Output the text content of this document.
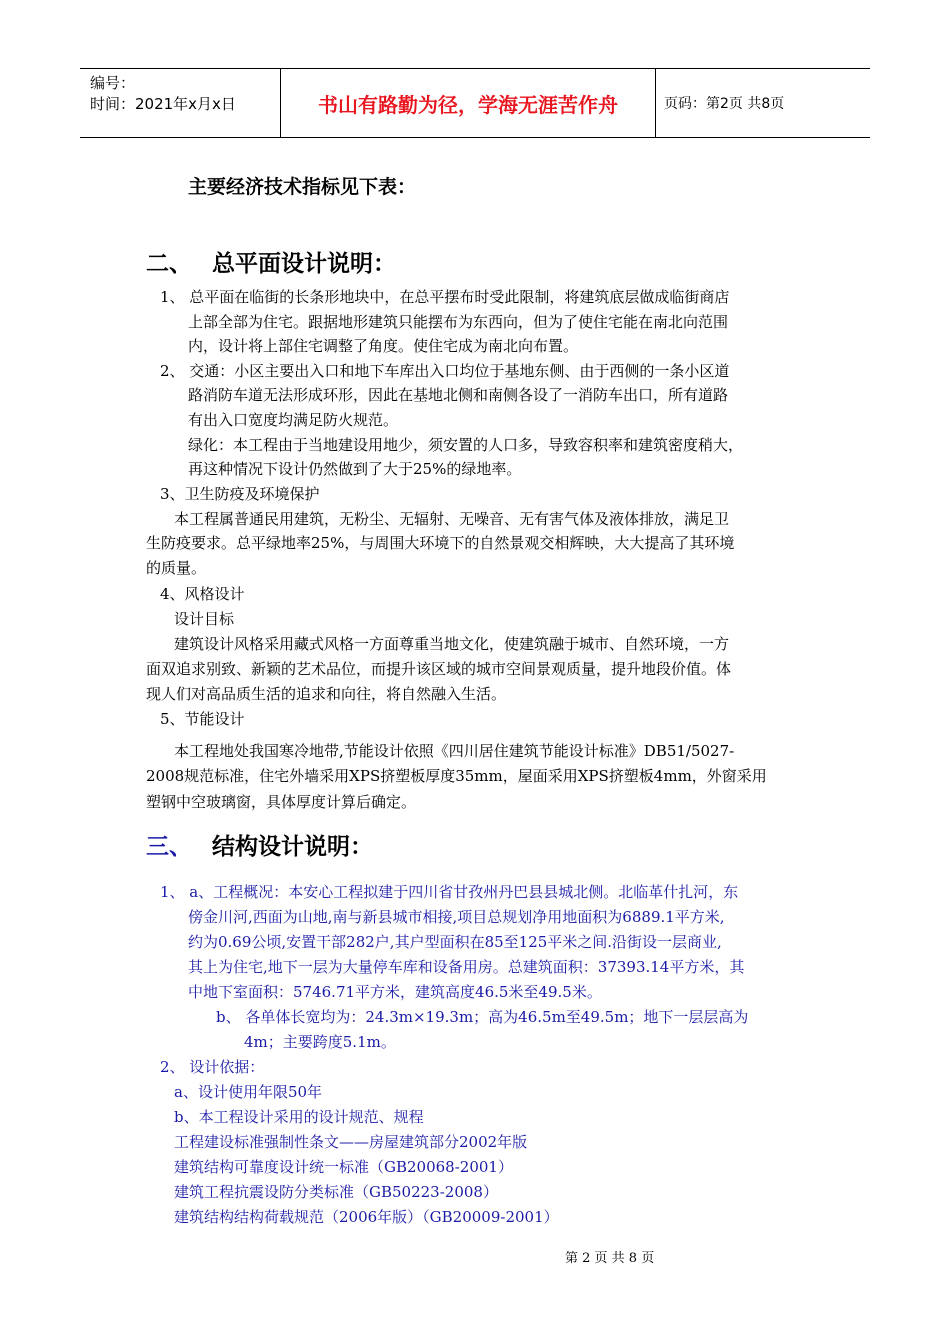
编号：
时间：2021年x月x日	书山有路勤为径，学海无涯苦作舟	页码：第2页 共8页
主要经济技术指标见下表：
二、 总平面设计说明：
1、 总平面在临街的长条形地块中，在总平摆布时受此限制，将建筑底层做成临街商店
上部全部为住宅。跟据地形建筑只能摆布为东西向，但为了使住宅能在南北向范围
内，设计将上部住宅调整了角度。使住宅成为南北向布置。
2、 交通：小区主要出入口和地下车库出入口均位于基地东侧、由于西侧的一条小区道
路消防车道无法形成环形，因此在基地北侧和南侧各设了一消防车出口，所有道路
有出入口宽度均满足防火规范。
绿化：本工程由于当地建设用地少，须安置的人口多，导致容积率和建筑密度稍大，
再这种情况下设计仍然做到了大于25%的绿地率。
3、卫生防疫及环境保护
本工程属普通民用建筑，无粉尘、无辐射、无噪音、无有害气体及液体排放，满足卫
生防疫要求。总平绿地率25%，与周围大环境下的自然景观交相辉映，大大提高了其环境
的质量。
4、风格设计
设计目标
建筑设计风格采用藏式风格一方面尊重当地文化，使建筑融于城市、自然环境，一方
面双追求别致、新颖的艺术品位，而提升该区域的城市空间景观质量，提升地段价值。体
现人们对高品质生活的追求和向往，将自然融入生活。
5、节能设计
本工程地处我国寒冷地带,节能设计依照《四川居住建筑节能设计标准》DB51/5027-
2008规范标准，住宅外墙采用XPS挤塑板厚度35mm，屋面采用XPS挤塑板4mm，外窗采用
塑钢中空玻璃窗，具体厚度计算后确定。
三、 结构设计说明：
1、 a、工程概况：本安心工程拟建于四川省甘孜州丹巴县县城北侧。北临革什扎河，东
傍金川河,西面为山地,南与新县城市相接,项目总规划净用地面积为6889.1平方米,
约为0.69公顷,安置干部282户,其户型面积在85至125平米之间.沿街设一层商业,
其上为住宅,地下一层为大量停车库和设备用房。总建筑面积：37393.14平方米，其
中地下室面积：5746.71平方米，建筑高度46.5米至49.5米。
b、 各单体长宽均为：24.3m×19.3m；高为46.5m至49.5m；地下一层层高为
4m；主要跨度5.1m。
2、 设计依据：
a、设计使用年限50年
b、本工程设计采用的设计规范、规程
工程建设标准强制性条文——房屋建筑部分2002年版
建筑结构可靠度设计统一标准（GB20068-2001）
建筑工程抗震设防分类标准（GB50223-2008）
建筑结构结构荷载规范（2006年版）（GB20009-2001）
第 2 页 共 8 页
